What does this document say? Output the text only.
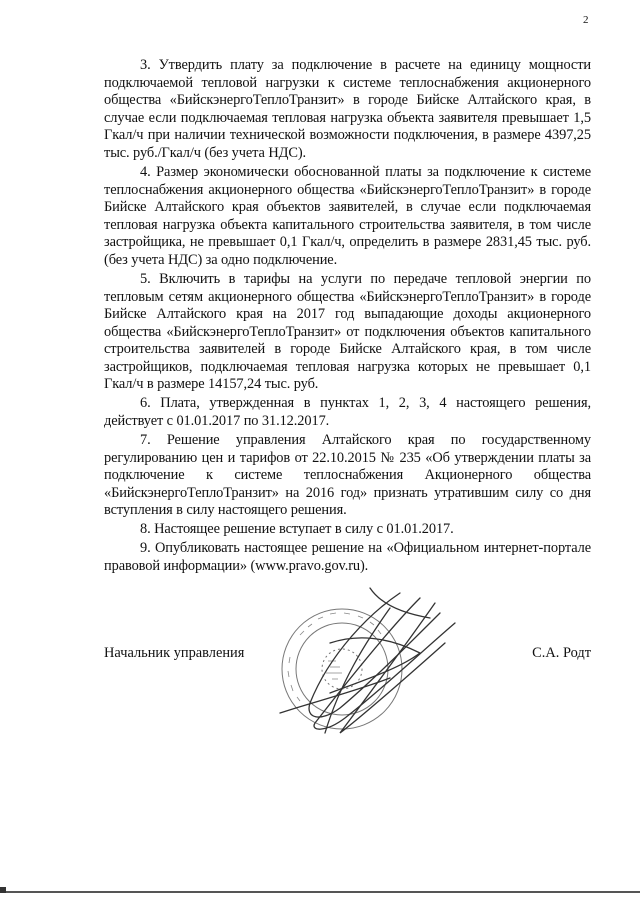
2

3. Утвердить плату за подключение в расчете на единицу мощности подключаемой тепловой нагрузки к системе теплоснабжения акционерного общества «БийскэнергоТеплоТранзит» в городе Бийске Алтайского края, в случае если подключаемая тепловая нагрузка объекта заявителя превышает 1,5 Гкал/ч при наличии технической возможности подключения, в размере 4397,25 тыс. руб./Гкал/ч (без учета НДС).

4. Размер экономически обоснованной платы за подключение к системе теплоснабжения акционерного общества «БийскэнергоТеплоТранзит» в городе Бийске Алтайского края объектов заявителей, в случае если подключаемая тепловая нагрузка объекта капитального строительства заявителя, в том числе застройщика, не превышает 0,1 Гкал/ч, определить в размере 2831,45 тыс. руб. (без учета НДС) за одно подключение.

5. Включить в тарифы на услуги по передаче тепловой энергии по тепловым сетям акционерного общества «БийскэнергоТеплоТранзит» в городе Бийске Алтайского края на 2017 год выпадающие доходы акционерного общества «БийскэнергоТеплоТранзит» от подключения объектов капитального строительства заявителей в городе Бийске Алтайского края, в том числе застройщиков, подключаемая тепловая нагрузка которых не превышает 0,1 Гкал/ч в размере 14157,24 тыс. руб.

6. Плата, утвержденная в пунктах 1, 2, 3, 4 настоящего решения, действует с 01.01.2017 по 31.12.2017.

7. Решение управления Алтайского края по государственному регулированию цен и тарифов от 22.10.2015 № 235 «Об утверждении платы за подключение к системе теплоснабжения Акционерного общества «БийскэнергоТеплоТранзит» на 2016 год» признать утратившим силу со дня вступления в силу настоящего решения.

8. Настоящее решение вступает в силу с 01.01.2017.

9. Опубликовать настоящее решение на «Официальном интернет-портале правовой информации» (www.pravo.gov.ru).

Начальник управления	С.А. Родт
